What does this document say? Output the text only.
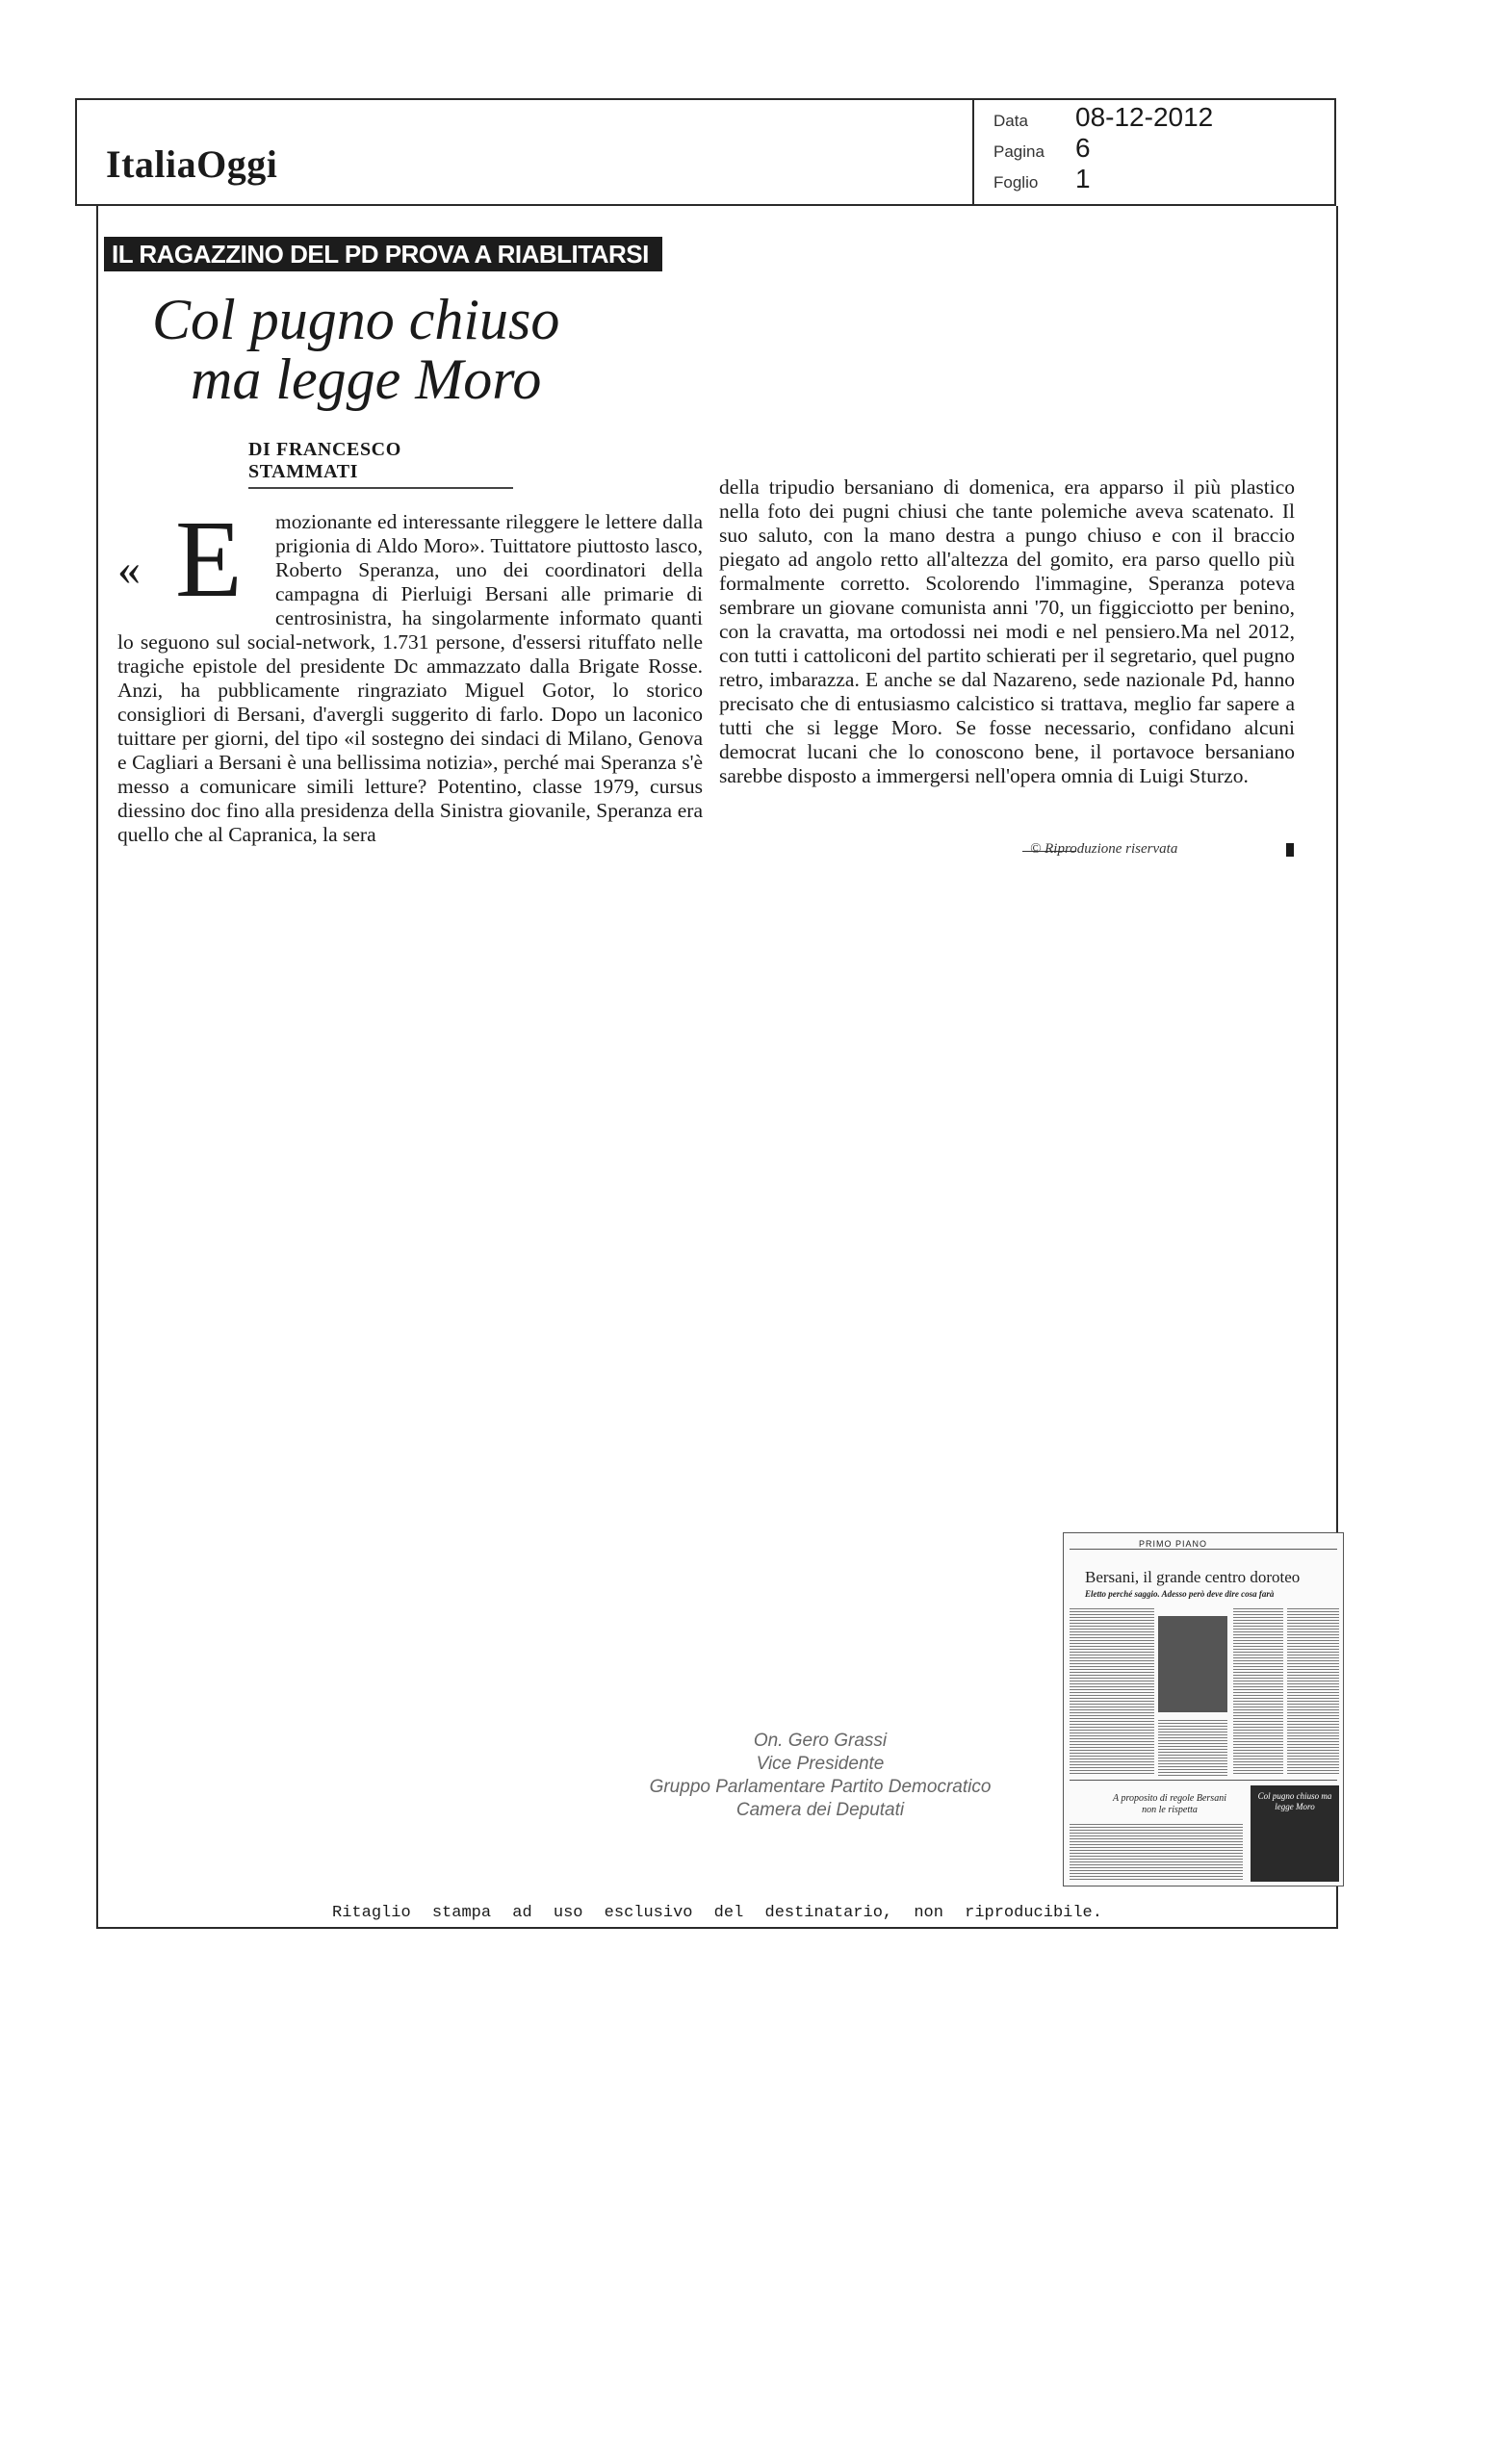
ItaliaOggi
Data 08-12-2012
Pagina 6
Foglio 1
IL RAGAZZINO DEL PD PROVA A RIABLITARSI
Col pugno chiuso
ma legge Moro
DI FRANCESCO STAMMATI
« E	mozionante ed interessante rileggere le lettere dalla prigionia di Aldo Moro». Tuittatore piuttosto lasco, Roberto Speranza, uno dei coordinatori della campagna di Pierluigi Bersani alle primarie di centrosinistra, ha singolarmente informato quanti lo seguono sul social-network, 1.731 persone, d'essersi rituffato nelle tragiche epistole del presidente Dc ammazzato dalla Brigate Rosse. Anzi, ha pubblicamente ringraziato Miguel Gotor, lo storico consigliori di Bersani, d'avergli suggerito di farlo. Dopo un laconico tuittare per giorni, del tipo «il sostegno dei sindaci di Milano, Genova e Cagliari a Bersani è una bellissima notizia», perché mai Speranza s'è messo a comunicare simili letture? Potentino, classe 1979, cursus diessino doc fino alla presidenza della Sinistra giovanile, Speranza era quello che al Capranica, la sera

della tripudio bersaniano di domenica, era apparso il più plastico nella foto dei pugni chiusi che tante polemiche aveva scatenato. Il suo saluto, con la mano destra a pungo chiuso e con il braccio piegato ad angolo retto all'altezza del gomito, era parso quello più formalmente corretto. Scolorendo l'immagine, Speranza poteva sembrare un giovane comunista anni '70, un figgicciotto per benino, con la cravatta, ma ortodossi nei modi e nel pensiero.Ma nel 2012, con tutti i cattoliconi del partito schierati per il segretario, quel pugno retro, imbarazza. E anche se dal Nazareno, sede nazionale Pd, hanno precisato che di entusiasmo calcistico si trattava, meglio far sapere a tutti che si legge Moro. Se fosse necessario, confidano alcuni democrat lucani che lo conoscono bene, il portavoce bersaniano sarebbe disposto a immergersi nell'opera omnia di Luigi Sturzo.

© Riproduzione riservata
PRIMO PIANO
Bersani, il grande centro doroteo
Eletto perché saggio. Adesso però deve dire cosa farà
A proposito di regole Bersani non le rispetta
Col pugno chiuso ma legge Moro
On. Gero Grassi
Vice Presidente
Gruppo Parlamentare Partito Democratico
Camera dei Deputati
Ritaglio stampa ad uso esclusivo del destinatario, non riproducibile.
